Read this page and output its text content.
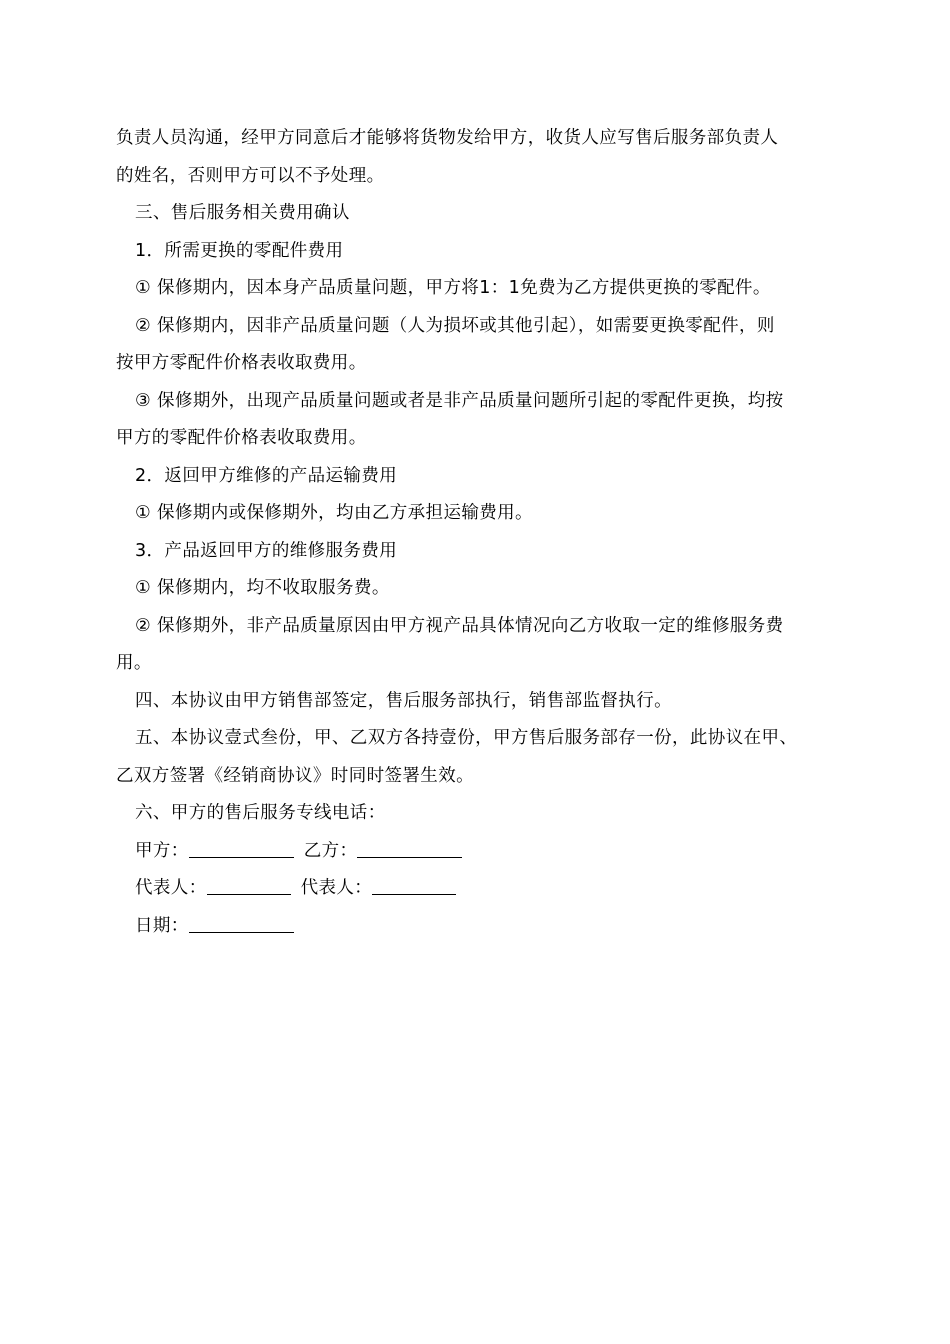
负责人员沟通，经甲方同意后才能够将货物发给甲方，收货人应写售后服务部负责人
的姓名，否则甲方可以不予处理。
三、售后服务相关费用确认
1．所需更换的零配件费用
① 保修期内，因本身产品质量问题，甲方将1：1免费为乙方提供更换的零配件。
② 保修期内，因非产品质量问题（人为损坏或其他引起），如需要更换零配件，则
按甲方零配件价格表收取费用。
③ 保修期外，出现产品质量问题或者是非产品质量问题所引起的零配件更换，均按
甲方的零配件价格表收取费用。
2．返回甲方维修的产品运输费用
① 保修期内或保修期外，均由乙方承担运输费用。
3．产品返回甲方的维修服务费用
① 保修期内，均不收取服务费。
② 保修期外，非产品质量原因由甲方视产品具体情况向乙方收取一定的维修服务费
用。
四、本协议由甲方销售部签定，售后服务部执行，销售部监督执行。
五、本协议壹式叁份，甲、乙双方各持壹份，甲方售后服务部存一份，此协议在甲、
乙双方签署《经销商协议》时同时签署生效。
六、甲方的售后服务专线电话：
甲方：	乙方：
代表人：	代表人：
日期：
